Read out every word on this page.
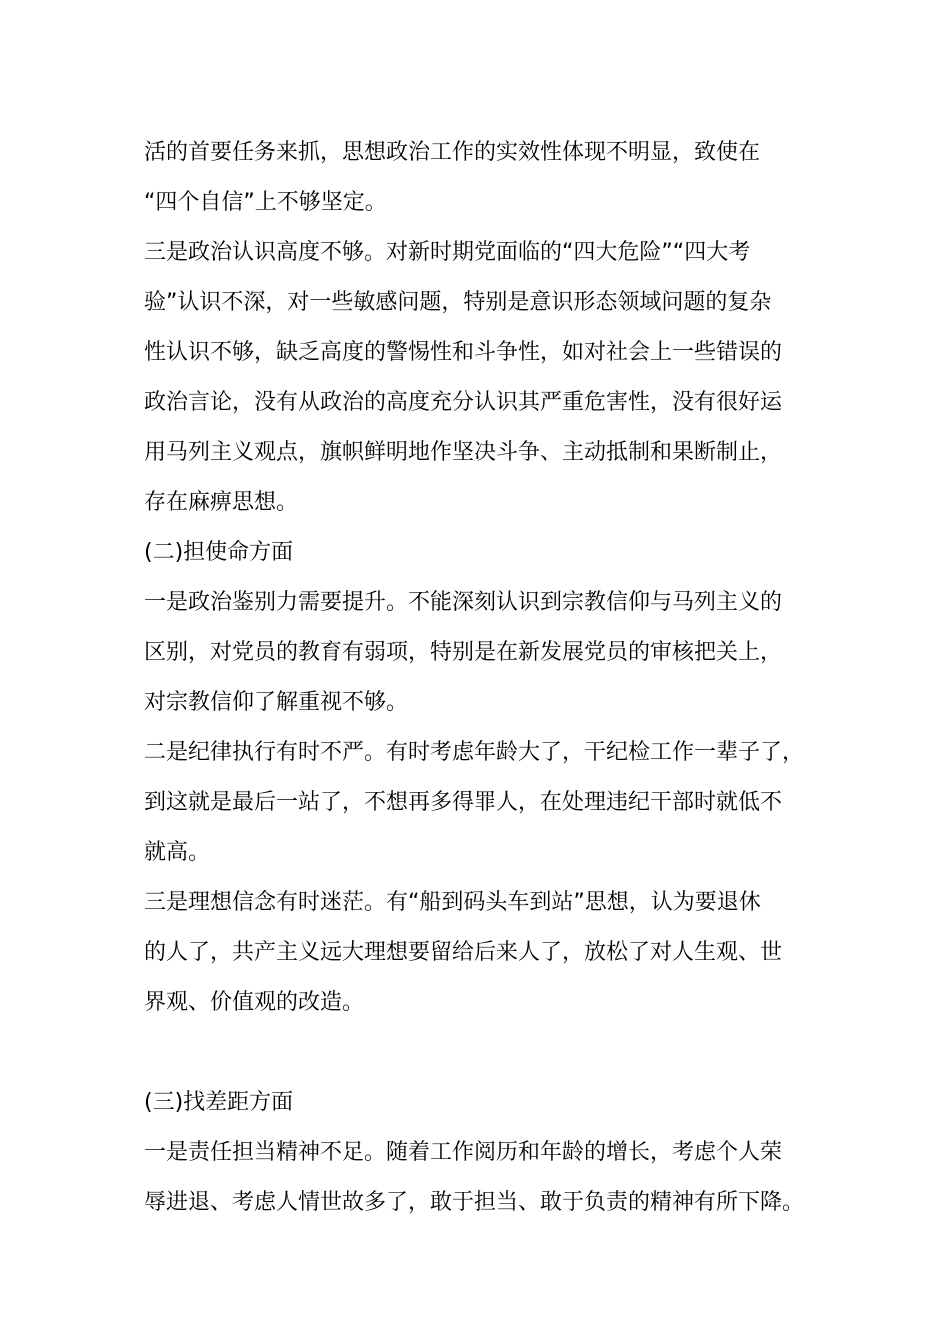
活的首要任务来抓，思想政治工作的实效性体现不明显，致使在
“四个自信”上不够坚定。
三是政治认识高度不够。对新时期党面临的“四大危险”“四大考
验”认识不深，对一些敏感问题，特别是意识形态领域问题的复杂
性认识不够，缺乏高度的警惕性和斗争性，如对社会上一些错误的
政治言论，没有从政治的高度充分认识其严重危害性，没有很好运
用马列主义观点，旗帜鲜明地作坚决斗争、主动抵制和果断制止，
存在麻痹思想。
(二)担使命方面
一是政治鉴别力需要提升。不能深刻认识到宗教信仰与马列主义的
区别，对党员的教育有弱项，特别是在新发展党员的审核把关上，
对宗教信仰了解重视不够。
二是纪律执行有时不严。有时考虑年龄大了，干纪检工作一辈子了，
到这就是最后一站了，不想再多得罪人，在处理违纪干部时就低不
就高。
三是理想信念有时迷茫。有“船到码头车到站”思想，认为要退休
的人了，共产主义远大理想要留给后来人了，放松了对人生观、世
界观、价值观的改造。
(三)找差距方面
一是责任担当精神不足。随着工作阅历和年龄的增长，考虑个人荣
辱进退、考虑人情世故多了，敢于担当、敢于负责的精神有所下降。
